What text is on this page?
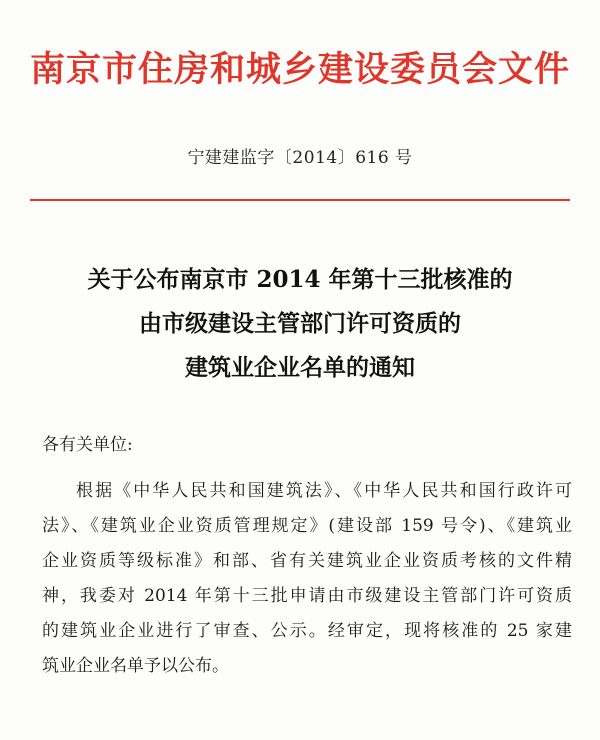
南京市住房和城乡建设委员会文件
宁建建监字〔2014〕616 号
关于公布南京市 2014 年第十三批核准的
由市级建设主管部门许可资质的
建筑业企业名单的通知
各有关单位:
根据《中华人民共和国建筑法》、《中华人民共和国行政许可
法》、《建筑业企业资质管理规定》(建设部 159 号令)、《建筑业
企业资质等级标准》和部、省有关建筑业企业资质考核的文件精
神，我委对 2014 年第十三批申请由市级建设主管部门许可资质
的建筑业企业进行了审查、公示。经审定，现将核准的 25 家建
筑业企业名单予以公布。
